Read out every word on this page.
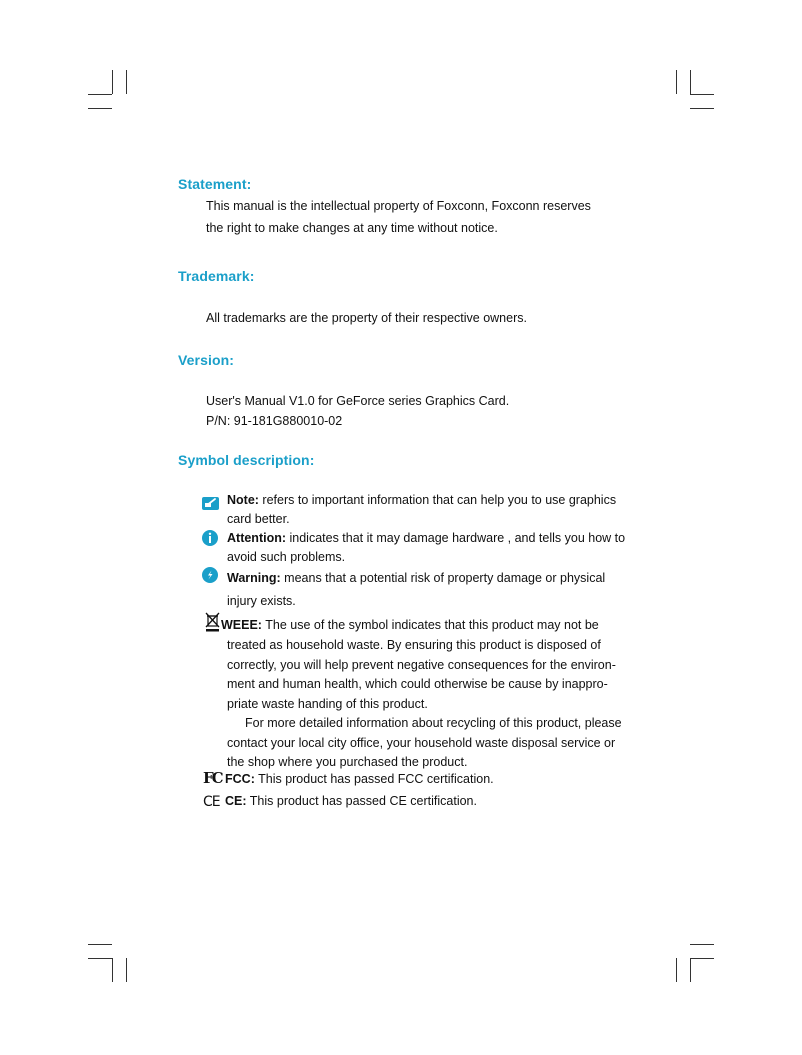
Statement:

This manual is the intellectual property of Foxconn, Foxconn reserves

the right to make changes at any time without notice.

Trademark:

All trademarks are the property of their respective owners.

Version:

User's Manual V1.0 for GeForce series Graphics Card.

P/N: 91-181G880010-02

Symbol description:

Note: refers to important information that can help you to use graphics
card better.

Attention: indicates that it may damage hardware , and tells you how to
avoid such problems.

Warning: means that a potential risk of property damage or physical
injury exists.

WEEE: The use of the symbol indicates that this product may not be

treated as household waste. By ensuring this product is disposed of
correctly, you will help prevent negative consequences for the environ-
ment and human health, which could otherwise be cause by inappro-
priate waste handing of this product.
For more detailed information about recycling of this product, please
contact your local city office, your household waste disposal service or
the shop where you purchased the product.

FC FCC: This product has passed FCC certification.

CE CE: This product has passed CE certification.
